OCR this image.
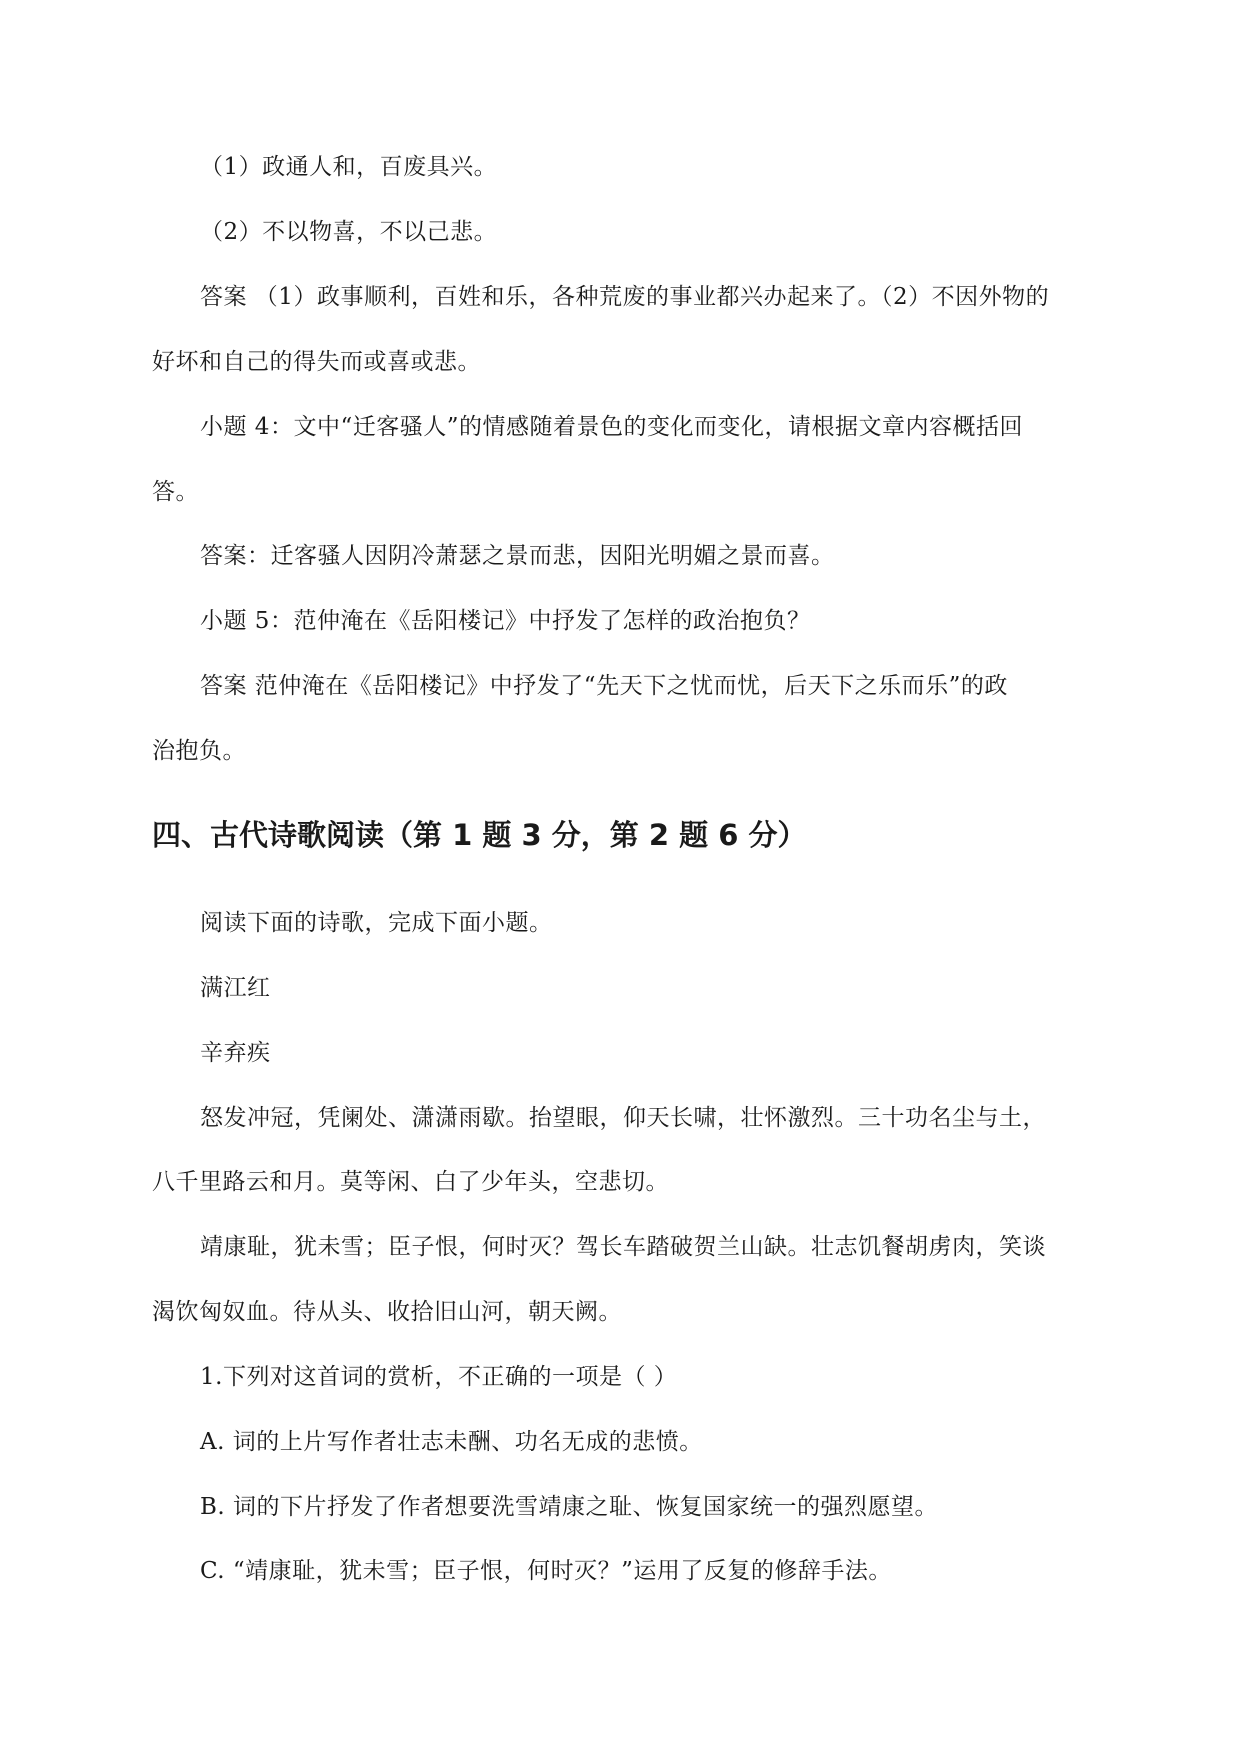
（1）政通人和，百废具兴。
（2）不以物喜，不以己悲。
答案 （1）政事顺利，百姓和乐，各种荒废的事业都兴办起来了。（2）不因外物的
好坏和自己的得失而或喜或悲。
小题 4：文中“迁客骚人”的情感随着景色的变化而变化，请根据文章内容概括回
答。
答案：迁客骚人因阴冷萧瑟之景而悲，因阳光明媚之景而喜。
小题 5：范仲淹在《岳阳楼记》中抒发了怎样的政治抱负？
答案 范仲淹在《岳阳楼记》中抒发了“先天下之忧而忧，后天下之乐而乐”的政
治抱负。
四、古代诗歌阅读（第 1 题 3 分，第 2 题 6 分）
阅读下面的诗歌，完成下面小题。
满江红
辛弃疾
怒发冲冠，凭阑处、潇潇雨歇。抬望眼，仰天长啸，壮怀激烈。三十功名尘与土，
八千里路云和月。莫等闲、白了少年头，空悲切。
靖康耻，犹未雪；臣子恨，何时灭？驾长车踏破贺兰山缺。壮志饥餐胡虏肉，笑谈
渴饮匈奴血。待从头、收拾旧山河，朝天阙。
1.下列对这首词的赏析，不正确的一项是（ ）
A. 词的上片写作者壮志未酬、功名无成的悲愤。
B. 词的下片抒发了作者想要洗雪靖康之耻、恢复国家统一的强烈愿望。
C. “靖康耻，犹未雪；臣子恨，何时灭？”运用了反复的修辞手法。
